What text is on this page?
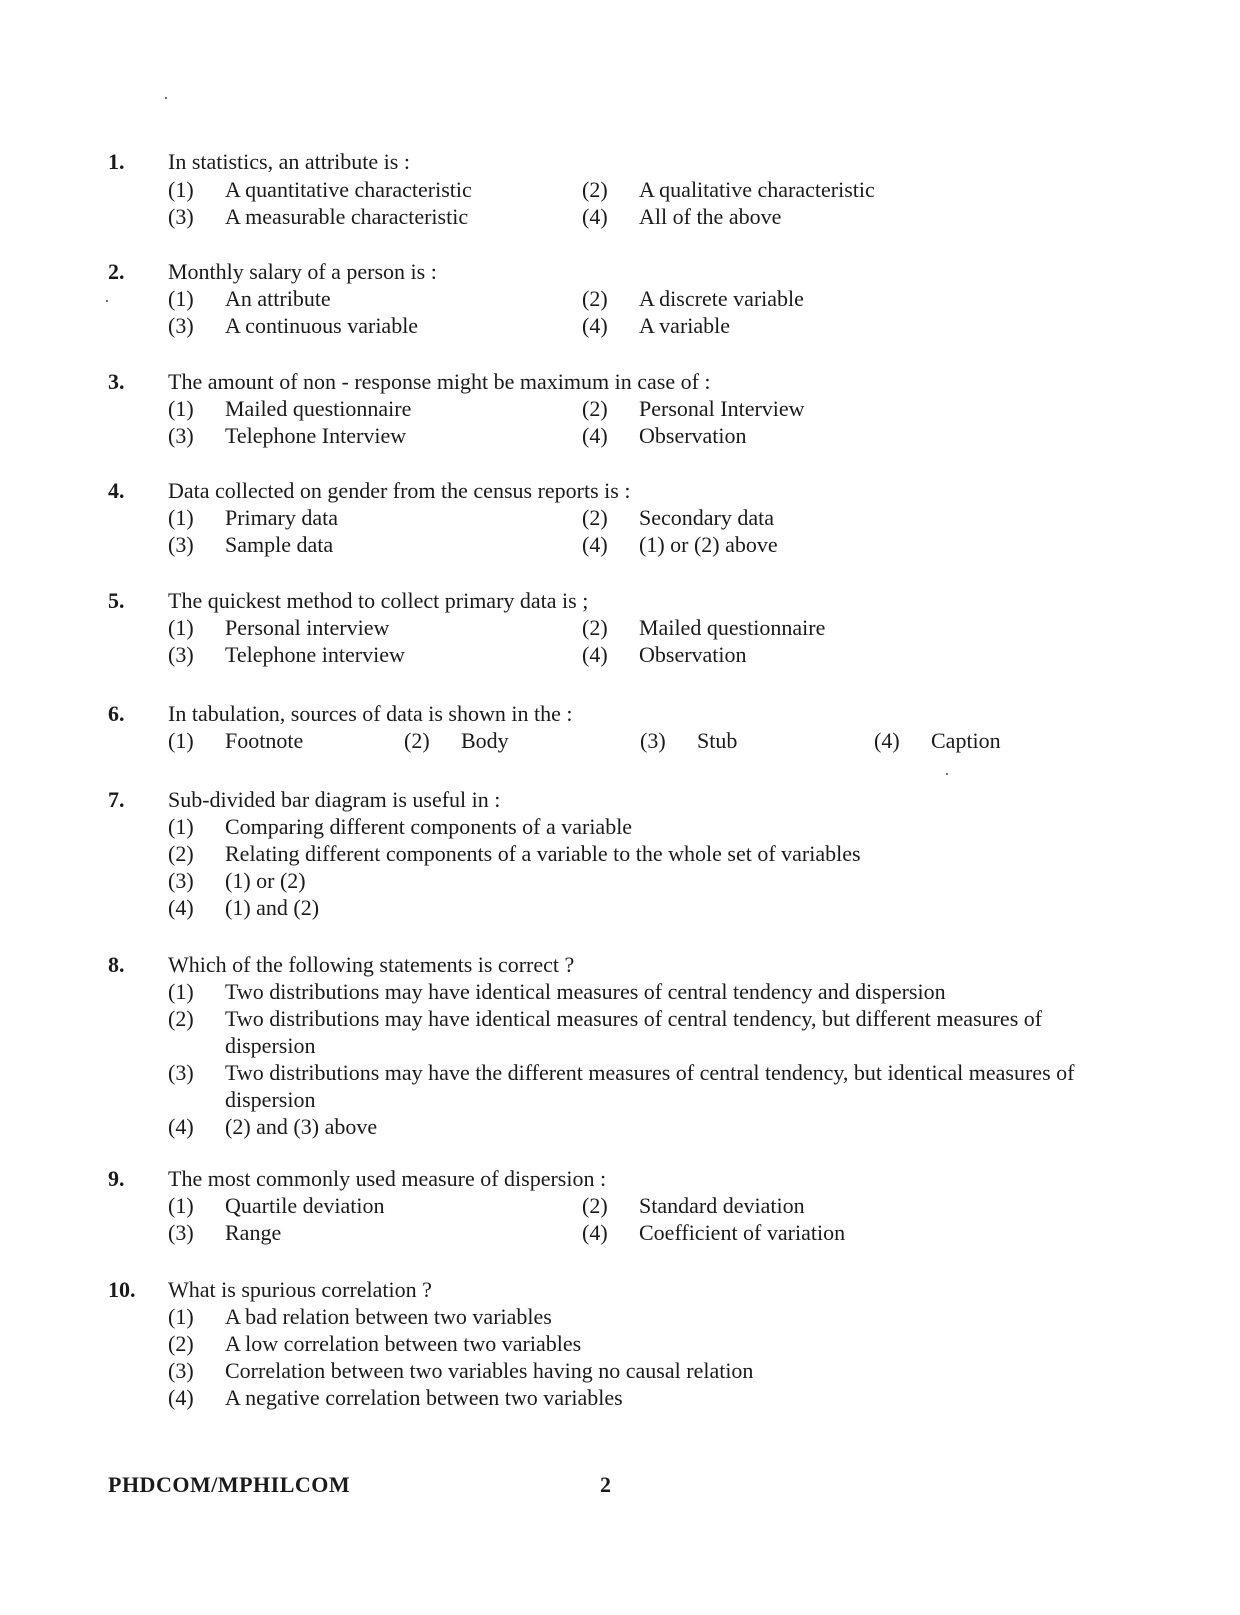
1. In statistics, an attribute is :
(1) A quantitative characteristic	(2) A qualitative characteristic
(3) A measurable characteristic	(4) All of the above
2. Monthly salary of a person is :
(1) An attribute	(2) A discrete variable
(3) A continuous variable	(4) A variable
3. The amount of non - response might be maximum in case of :
(1) Mailed questionnaire	(2) Personal Interview
(3) Telephone Interview	(4) Observation
4. Data collected on gender from the census reports is :
(1) Primary data	(2) Secondary data
(3) Sample data	(4) (1) or (2) above
5. The quickest method to collect primary data is ;
(1) Personal interview	(2) Mailed questionnaire
(3) Telephone interview	(4) Observation
6. In tabulation, sources of data is shown in the :
(1) Footnote	(2) Body	(3) Stub	(4) Caption
7. Sub-divided bar diagram is useful in :
(1) Comparing different components of a variable
(2) Relating different components of a variable to the whole set of variables
(3) (1) or (2)
(4) (1) and (2)
8. Which of the following statements is correct ?
(1) Two distributions may have identical measures of central tendency and dispersion
(2) Two distributions may have identical measures of central tendency, but different measures of dispersion
(3) Two distributions may have the different measures of central tendency, but identical measures of dispersion
(4) (2) and (3) above
9. The most commonly used measure of dispersion :
(1) Quartile deviation	(2) Standard deviation
(3) Range	(4) Coefficient of variation
10. What is spurious correlation ?
(1) A bad relation between two variables
(2) A low correlation between two variables
(3) Correlation between two variables having no causal relation
(4) A negative correlation between two variables
PHDCOM/MPHILCOM	2
